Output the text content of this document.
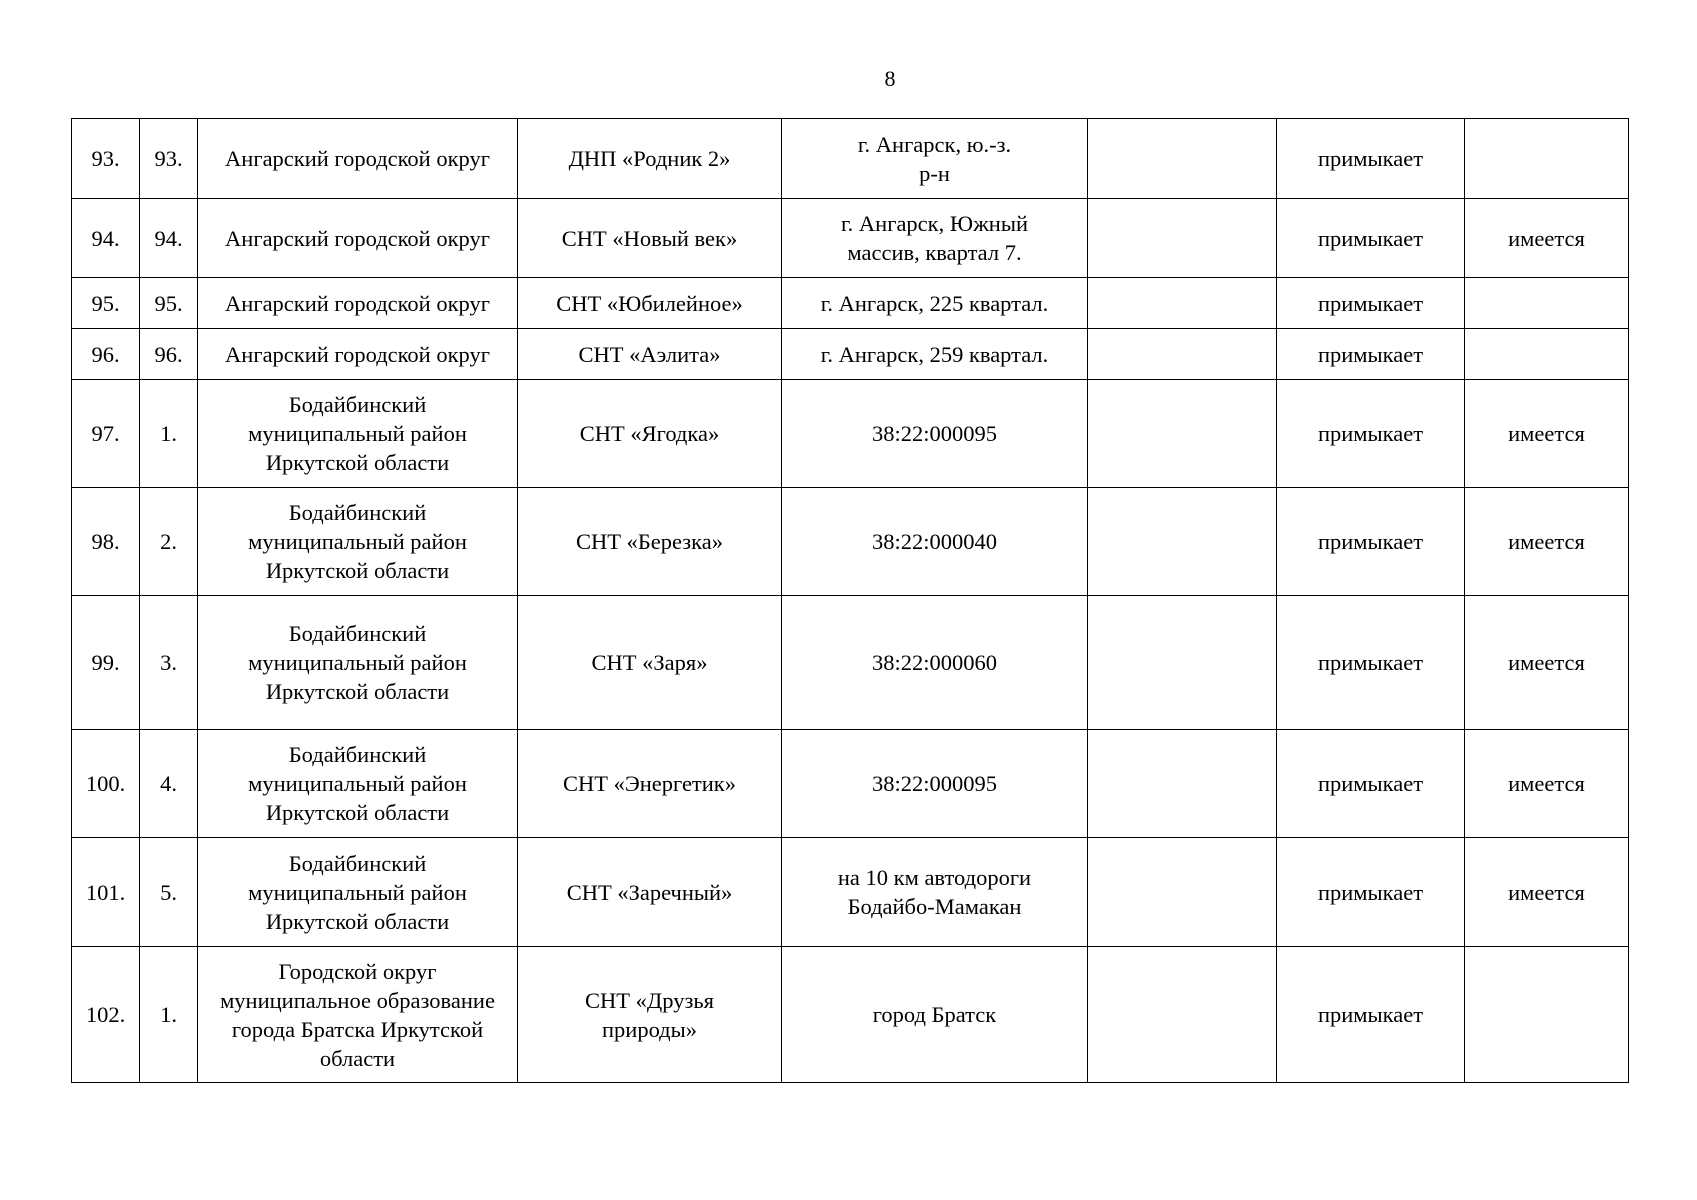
8
93.	93.	Ангарский городской округ	ДНП «Родник 2»	г. Ангарск, ю.-з.
р-н		примыкает	
94.	94.	Ангарский городской округ	СНТ «Новый век»	г. Ангарск, Южный
массив, квартал 7.		примыкает	имеется
95.	95.	Ангарский городской округ	СНТ «Юбилейное»	г. Ангарск, 225 квартал.		примыкает	
96.	96.	Ангарский городской округ	СНТ «Аэлита»	г. Ангарск, 259 квартал.		примыкает	
97.	1.	Бодайбинский
муниципальный район
Иркутской области	СНТ «Ягодка»	38:22:000095		примыкает	имеется
98.	2.	Бодайбинский
муниципальный район
Иркутской области	СНТ «Березка»	38:22:000040		примыкает	имеется
99.	3.	Бодайбинский
муниципальный район
Иркутской области	СНТ «Заря»	38:22:000060		примыкает	имеется
100.	4.	Бодайбинский
муниципальный район
Иркутской области	СНТ «Энергетик»	38:22:000095		примыкает	имеется
101.	5.	Бодайбинский
муниципальный район
Иркутской области	СНТ «Заречный»	на 10 км автодороги
Бодайбо-Мамакан		примыкает	имеется
102.	1.	Городской округ
муниципальное образование
города Братска Иркутской
области	СНТ «Друзья
природы»	город Братск		примыкает	
